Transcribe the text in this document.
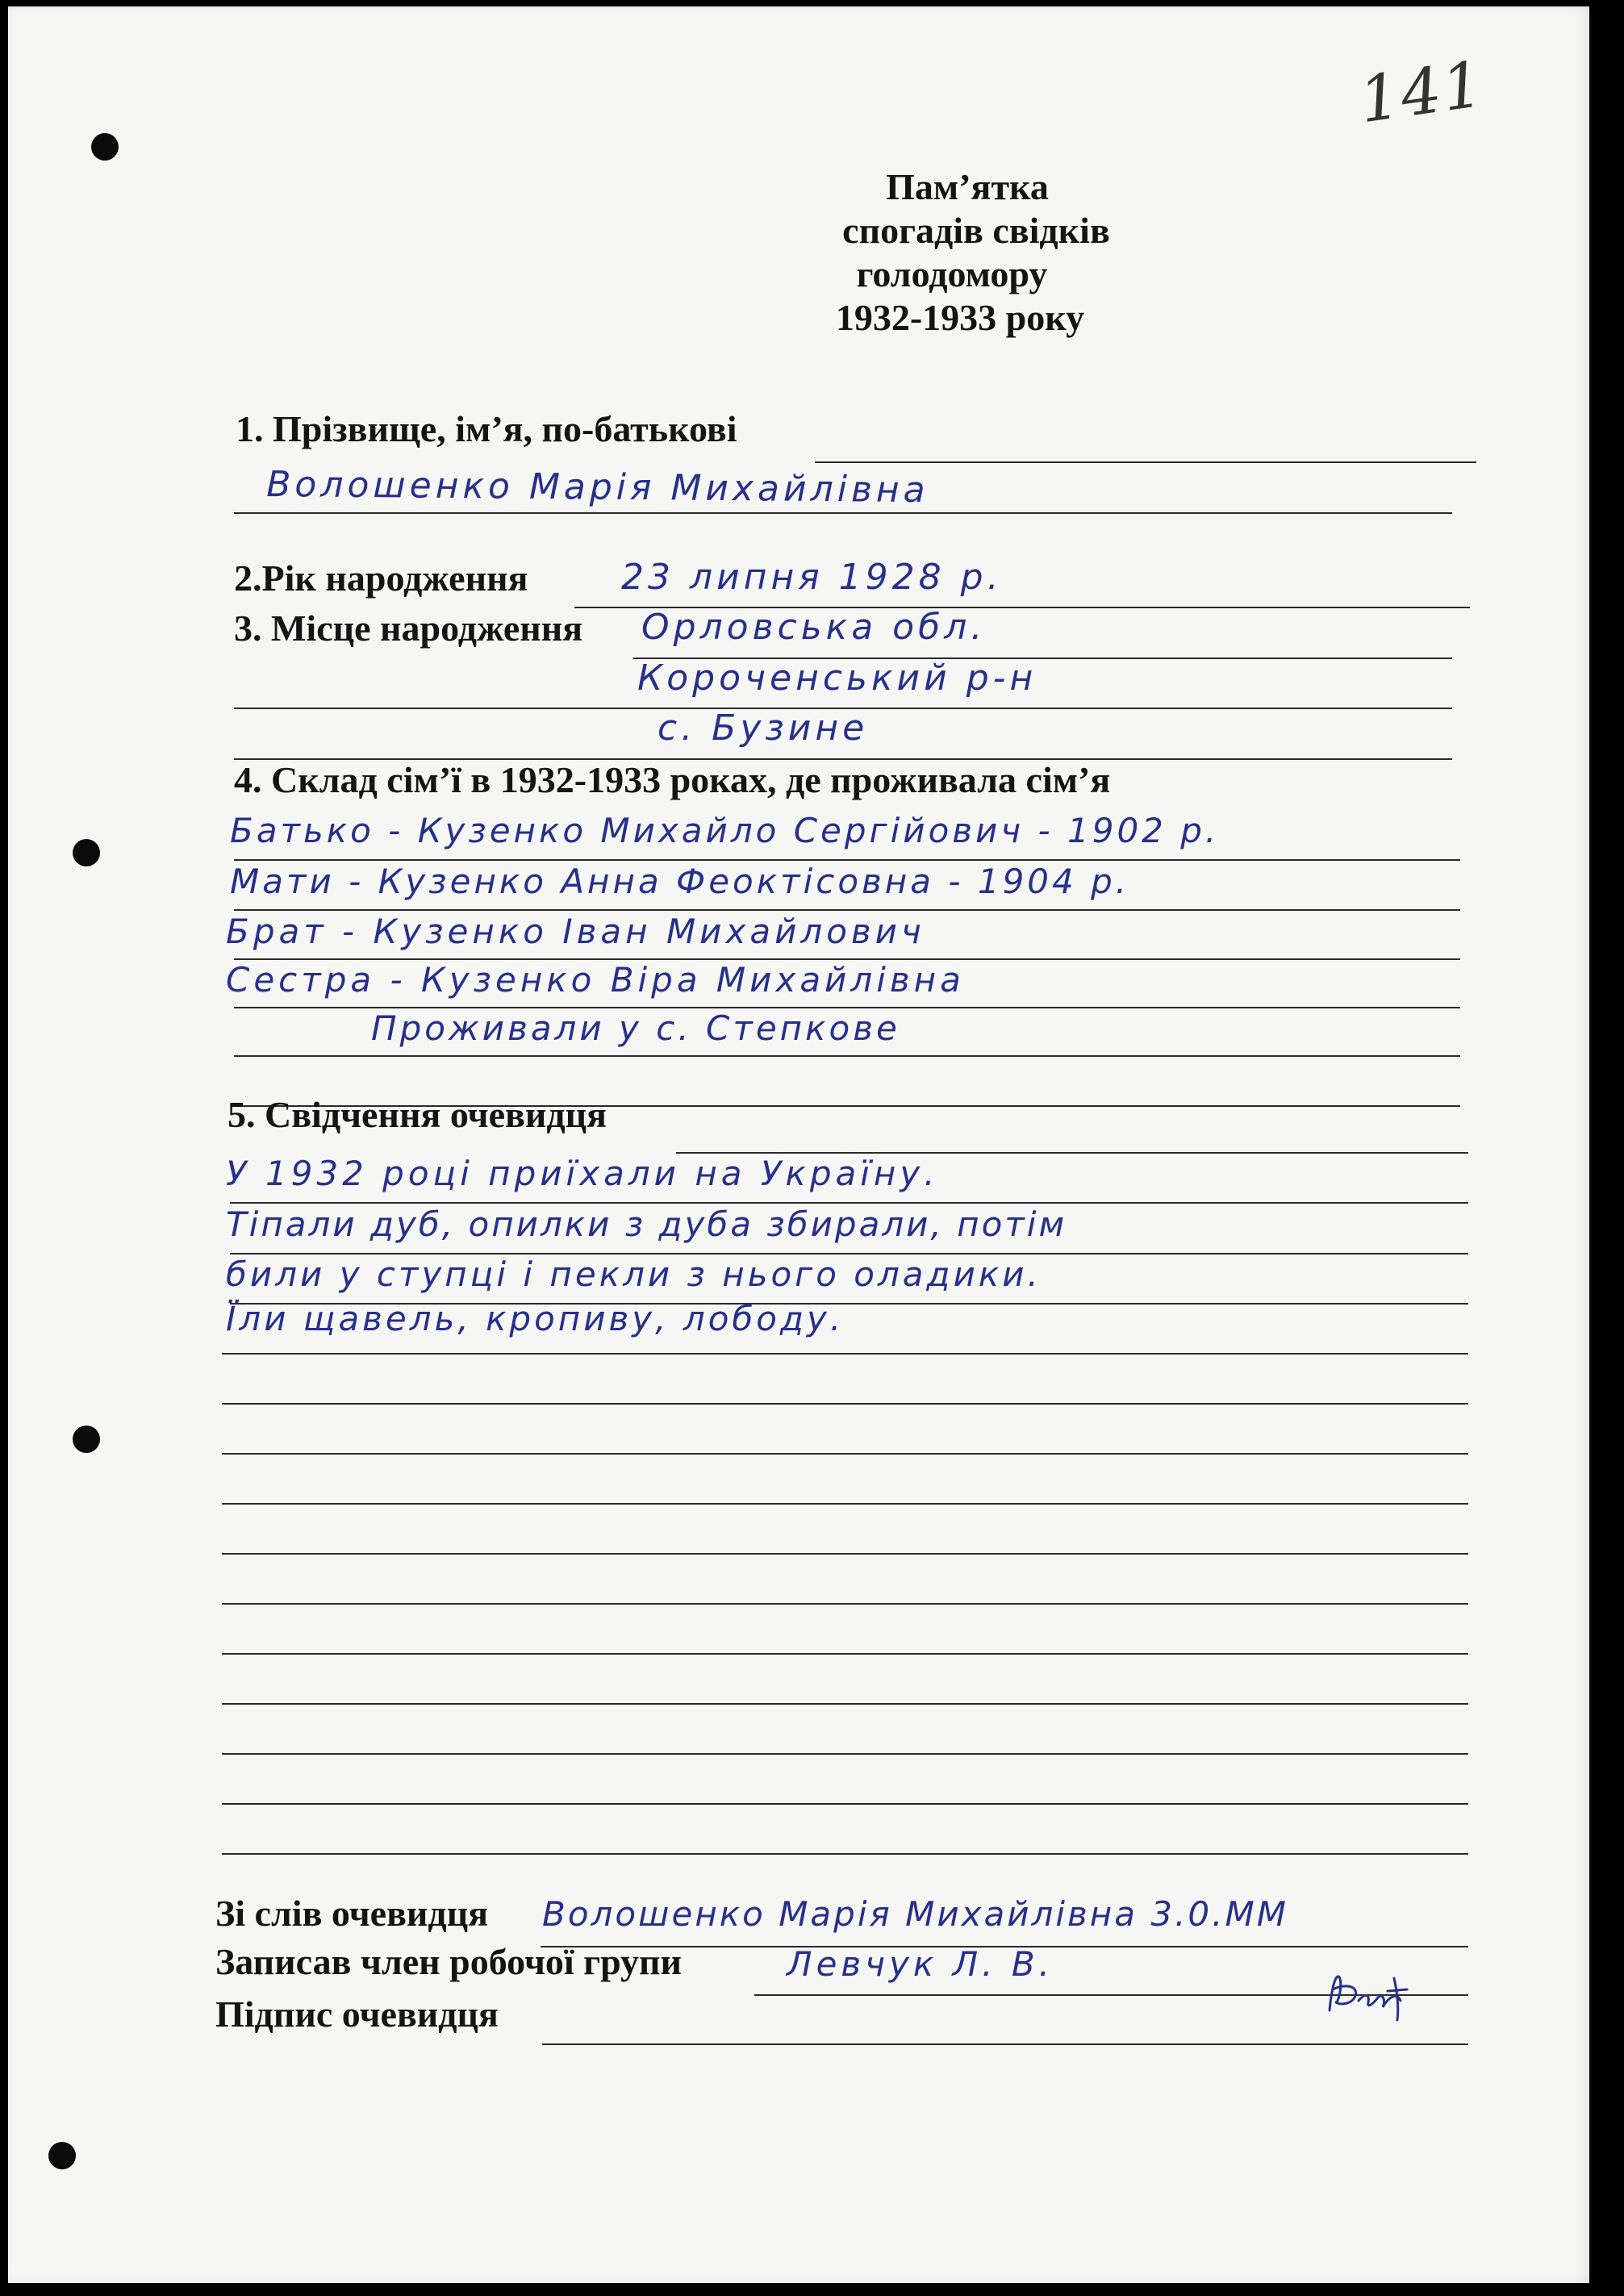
141
Пам’ятка
спогадів свідків
голодомору
1932-1933 року
1. Прізвище, ім’я, по-батькові
Волошенко Марія Михайлівна
2.Рік народження	23 липня 1928 р.
3. Місце народження Орловська обл.
Короченський р-н
с. Бузине
4. Склад сім’ї в 1932-1933 роках, де проживала сім’я
Батько - Кузенко Михайло Сергійович - 1902 р.
Мати - Кузенко Анна Феоктісовна - 1904 р.
Брат - Кузенко Іван Михайлович
Сестра - Кузенко Віра Михайлівна
Проживали у с. Степкове
5. Свідчення очевидця
У 1932 році приїхали на Україну.
Тіпали дуб, опилки з дуба збирали, потім
били у ступці і пекли з нього оладики.
Їли щавель, кропиву, лободу.
Зі слів очевидця Волошенко Марія Михайлівна 3.0.ММ
Записав член робочої групи	Левчук Л. В.
Підпис очевидця
